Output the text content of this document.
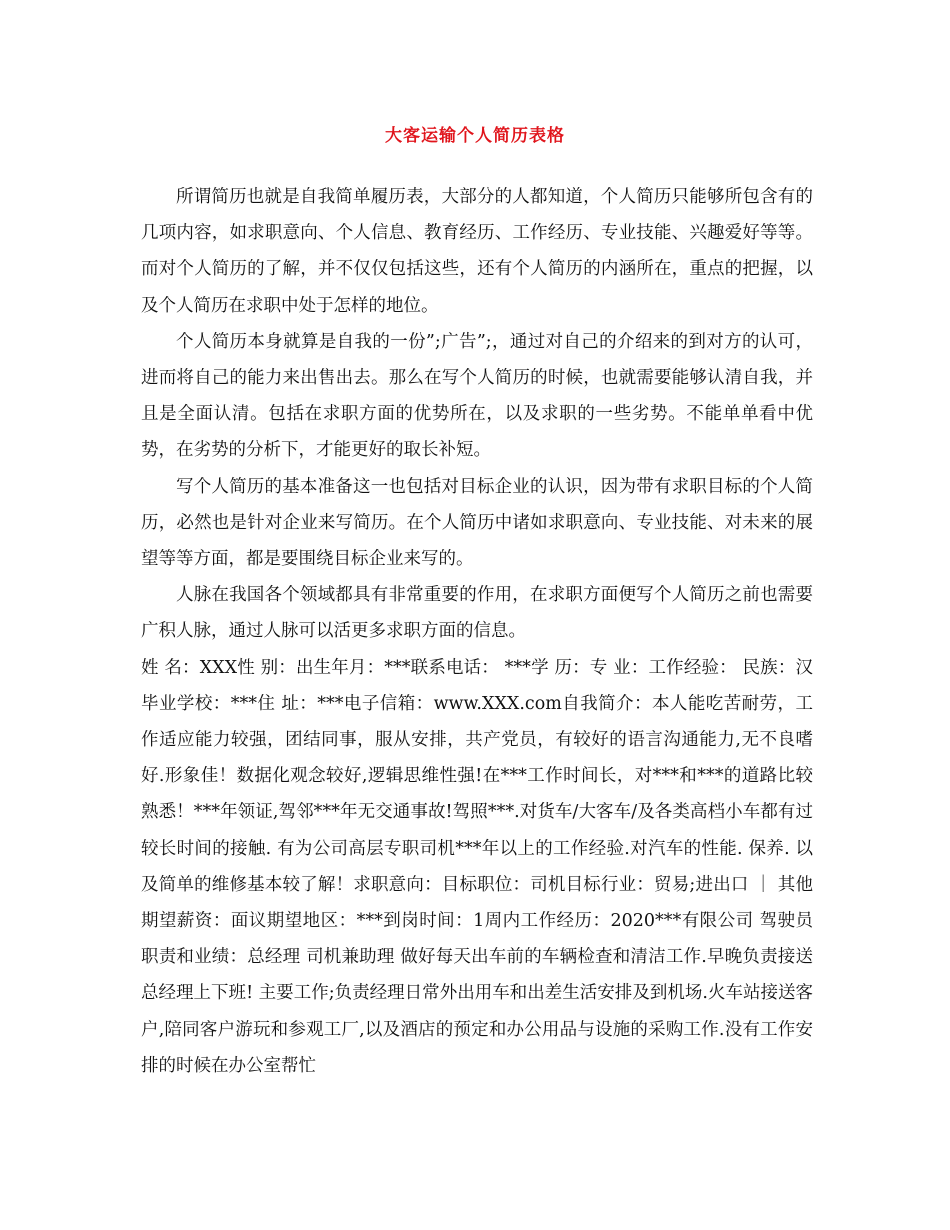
大客运输个人简历表格

所谓简历也就是自我简单履历表，大部分的人都知道，个人简历只能够所包含有的几项内容，如求职意向、个人信息、教育经历、工作经历、专业技能、兴趣爱好等等。而对个人简历的了解，并不仅仅包括这些，还有个人简历的内涵所在，重点的把握，以及个人简历在求职中处于怎样的地位。

个人简历本身就算是自我的一份”;广告”;，通过对自己的介绍来的到对方的认可，进而将自己的能力来出售出去。那么在写个人简历的时候，也就需要能够认清自我，并且是全面认清。包括在求职方面的优势所在，以及求职的一些劣势。不能单单看中优势，在劣势的分析下，才能更好的取长补短。

写个人简历的基本准备这一也包括对目标企业的认识，因为带有求职目标的个人简历，必然也是针对企业来写简历。在个人简历中诸如求职意向、专业技能、对未来的展望等等方面，都是要围绕目标企业来写的。

人脉在我国各个领域都具有非常重要的作用，在求职方面便写个人简历之前也需要广积人脉，通过人脉可以活更多求职方面的信息。

姓 名：XXX性 别：出生年月：***联系电话： ***学 历：专 业：工作经验： 民族：汉毕业学校：***住 址：***电子信箱：www.XXX.com自我简介：本人能吃苦耐劳，工作适应能力较强，团结同事，服从安排，共产党员，有较好的语言沟通能力,无不良嗜好.形象佳！数据化观念较好,逻辑思维性强!在***工作时间长，对***和***的道路比较熟悉！***年领证,驾邻***年无交通事故!驾照***.对货车/大客车/及各类高档小车都有过较长时间的接触. 有为公司高层专职司机***年以上的工作经验.对汽车的性能. 保养. 以及简单的维修基本较了解！求职意向：目标职位：司机目标行业：贸易;进出口 ｜ 其他期望薪资：面议期望地区：***到岗时间：1周内工作经历：2020***有限公司 驾驶员职责和业绩：总经理 司机兼助理 做好每天出车前的车辆检查和清洁工作.早晚负责接送总经理上下班! 主要工作;负责经理日常外出用车和出差生活安排及到机场.火车站接送客户,陪同客户游玩和参观工厂,以及酒店的预定和办公用品与设施的采购工作.没有工作安排的时候在办公室帮忙
